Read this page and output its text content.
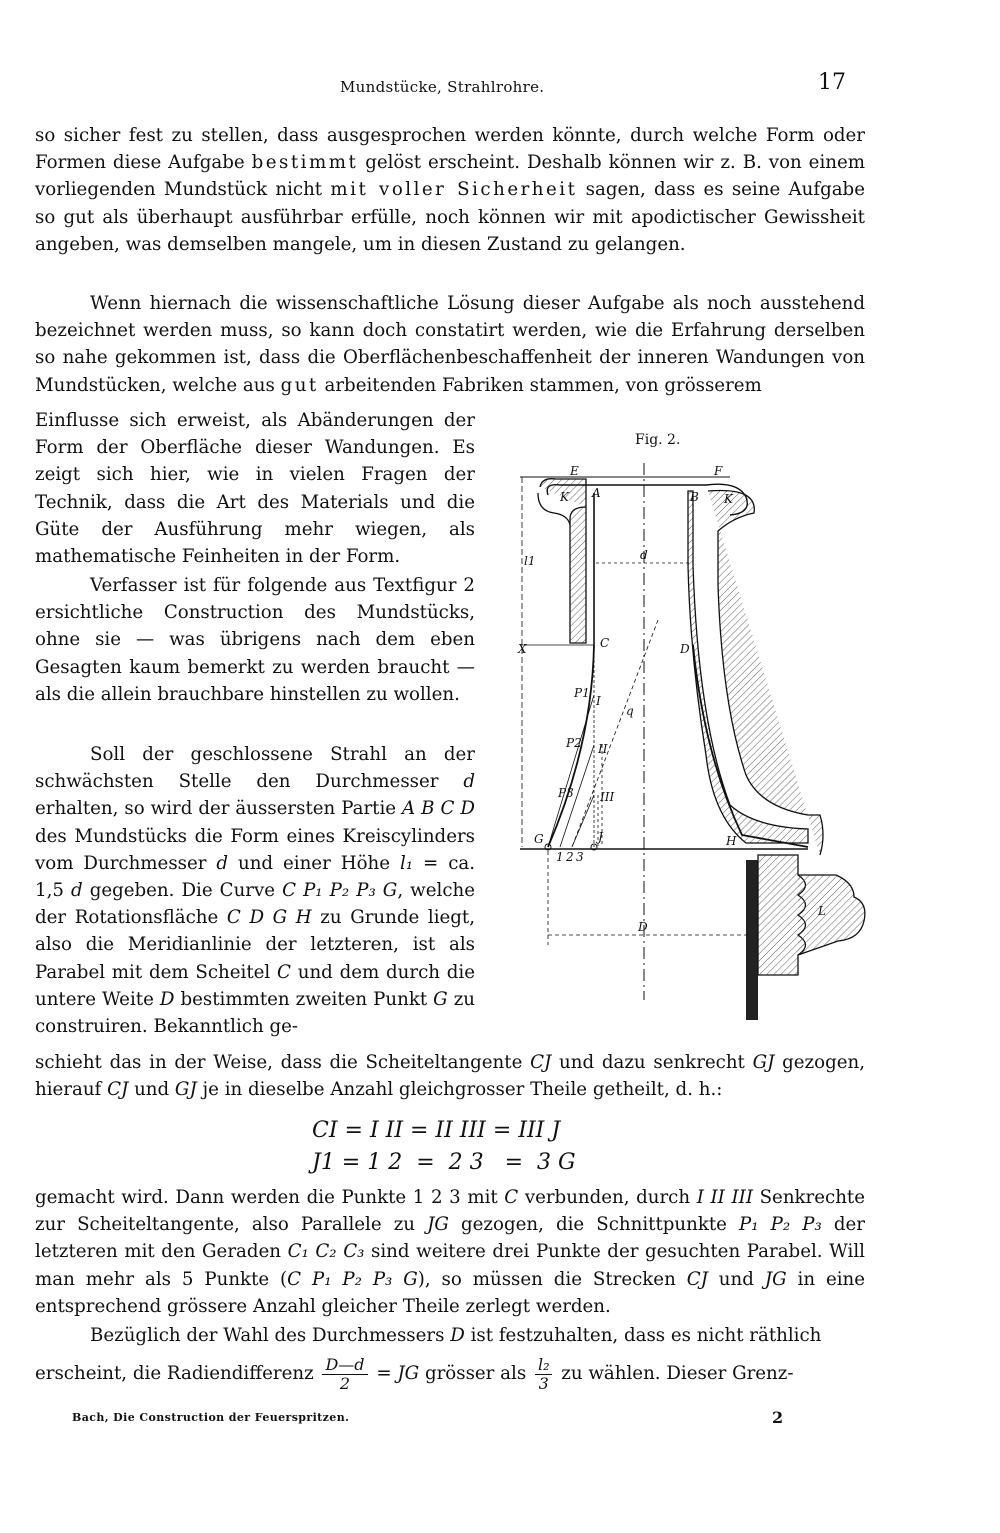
Mundstücke, Strahlrohre.	17

so sicher fest zu stellen, dass ausgesprochen werden könnte, durch welche Form oder Formen diese Aufgabe bestimmt gelöst erscheint. Deshalb können wir z. B. von einem vorliegenden Mundstück nicht mit voller Sicherheit sagen, dass es seine Aufgabe so gut als überhaupt ausführbar erfülle, noch können wir mit apodictischer Gewissheit angeben, was demselben mangele, um in diesen Zustand zu gelangen.

Wenn hiernach die wissenschaftliche Lösung dieser Aufgabe als noch ausstehend bezeichnet werden muss, so kann doch constatirt werden, wie die Erfahrung derselben so nahe gekommen ist, dass die Oberflächenbeschaffenheit der inneren Wandungen von Mundstücken, welche aus gut arbeitenden Fabriken stammen, von grösserem

Einflusse sich erweist, als Abänderungen der Form der Oberfläche dieser Wandungen. Es zeigt sich hier, wie in vielen Fragen der Technik, dass die Art des Materials und die Güte der Ausführung mehr wiegen, als mathematische Feinheiten in der Form.

Verfasser ist für folgende aus Textfigur 2 ersichtliche Construction des Mundstücks, ohne sie — was übrigens nach dem eben Gesagten kaum bemerkt zu werden braucht — als die allein brauchbare hinstellen zu wollen.

Soll der geschlossene Strahl an der schwächsten Stelle den Durchmesser d erhalten, so wird der äussersten Partie A B C D des Mundstücks die Form eines Kreiscylinders vom Durchmesser d und einer Höhe l₁ = ca. 1,5 d gegeben. Die Curve C P₁ P₂ P₃ G, welche der Rotationsfläche C D G H zu Grunde liegt, also die Meridianlinie der letzteren, ist als Parabel mit dem Scheitel C und dem durch die untere Weite D bestimmten zweiten Punkt G zu construiren. Bekanntlich ge-

schieht das in der Weise, dass die Scheiteltangente CJ und dazu senkrecht GJ gezogen, hierauf CJ und GJ je in dieselbe Anzahl gleichgrosser Theile getheilt, d. h.:

CI = I II = II III = III J
J1 = 1 2  =  2 3   =  3 G

gemacht wird. Dann werden die Punkte 1 2 3 mit C verbunden, durch I II III Senkrechte zur Scheiteltangente, also Parallele zu JG gezogen, die Schnittpunkte P₁ P₂ P₃ der letzteren mit den Geraden C₁ C₂ C₃ sind weitere drei Punkte der gesuchten Parabel. Will man mehr als 5 Punkte (C P₁ P₂ P₃ G), so müssen die Strecken CJ und JG in eine entsprechend grössere Anzahl gleicher Theile zerlegt werden.

Bezüglich der Wahl des Durchmessers D ist festzuhalten, dass es nicht räthlich

erscheint, die Radiendifferenz $\frac{D—d}{2}$ = JG grösser als $\frac{\text{l₂}}{3}$ zu wählen. Dieser Grenz-
Fig. 2.
E	F
K A	B K
d
l1
X	C	D
P1
I
q
P2 II
P3 III
G	J	H
1 2 3
D
L
Bach, Die Construction der Feuerspritzen.	2
